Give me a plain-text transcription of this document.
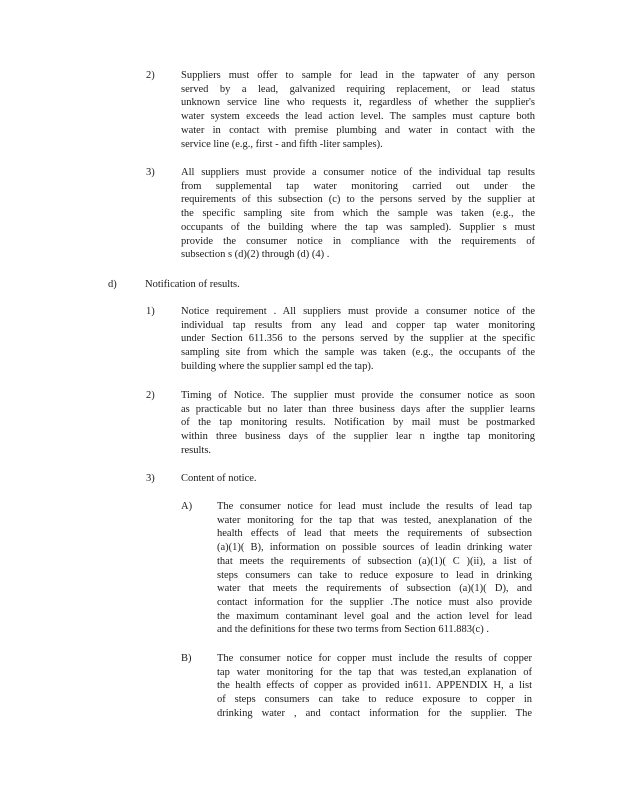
2)	Suppliers must offer to sample for lead in the tapwater of any person
served by a lead, galvanized requiring replacement, or lead status
unknown service line who requests it, regardless of whether the supplier's
water system exceeds the lead action level. The samples must capture both
water in contact with premise plumbing and water in contact with the
service line (e.g., first - and fifth -liter samples).
3)	All suppliers must provide a consumer notice of the individual tap results
from supplemental tap water monitoring carried out under the
requirements of this subsection (c) to the persons served by the supplier at
the specific sampling site from which the sample was taken (e.g., the
occupants of the building where the tap was sampled). Supplier s must
provide the consumer notice in compliance with the requirements of
subsection s (d)(2) through (d) (4) .
d)	Notification of results.
1)	Notice requirement . All suppliers must provide a consumer notice of the
individual tap results from any lead and copper tap water monitoring
under Section 611.356 to the persons served by the supplier at the specific
sampling site from which the sample was taken (e.g., the occupants of the
building where the supplier sampl ed the tap).
2)	Timing of Notice. The supplier must provide the consumer notice as soon
as practicable but no later than three business days after the supplier learns
of the tap monitoring results. Notification by mail must be postmarked
within three business days of the supplier lear n ingthe tap monitoring
results.
3)	Content of notice.
A) The consumer notice for lead must include the results of lead tap
water monitoring for the tap that was tested, anexplanation of the
health effects of lead that meets the requirements of subsection
(a)(1)( B), information on possible sources of leadin drinking water
that meets the requirements of subsection (a)(1)( C )(ii), a list of
steps consumers can take to reduce exposure to lead in drinking
water that meets the requirements of subsection (a)(1)( D), and
contact information for the supplier .The notice must also provide
the maximum contaminant level goal and the action level for lead
and the definitions for these two terms from Section 611.883(c) .
B) The consumer notice for copper must include the results of copper
tap water monitoring for the tap that was tested,an explanation of
the health effects of copper as provided in611. APPENDIX H, a list
of steps consumers can take to reduce exposure to copper in
drinking water , and contact information for the supplier. The
